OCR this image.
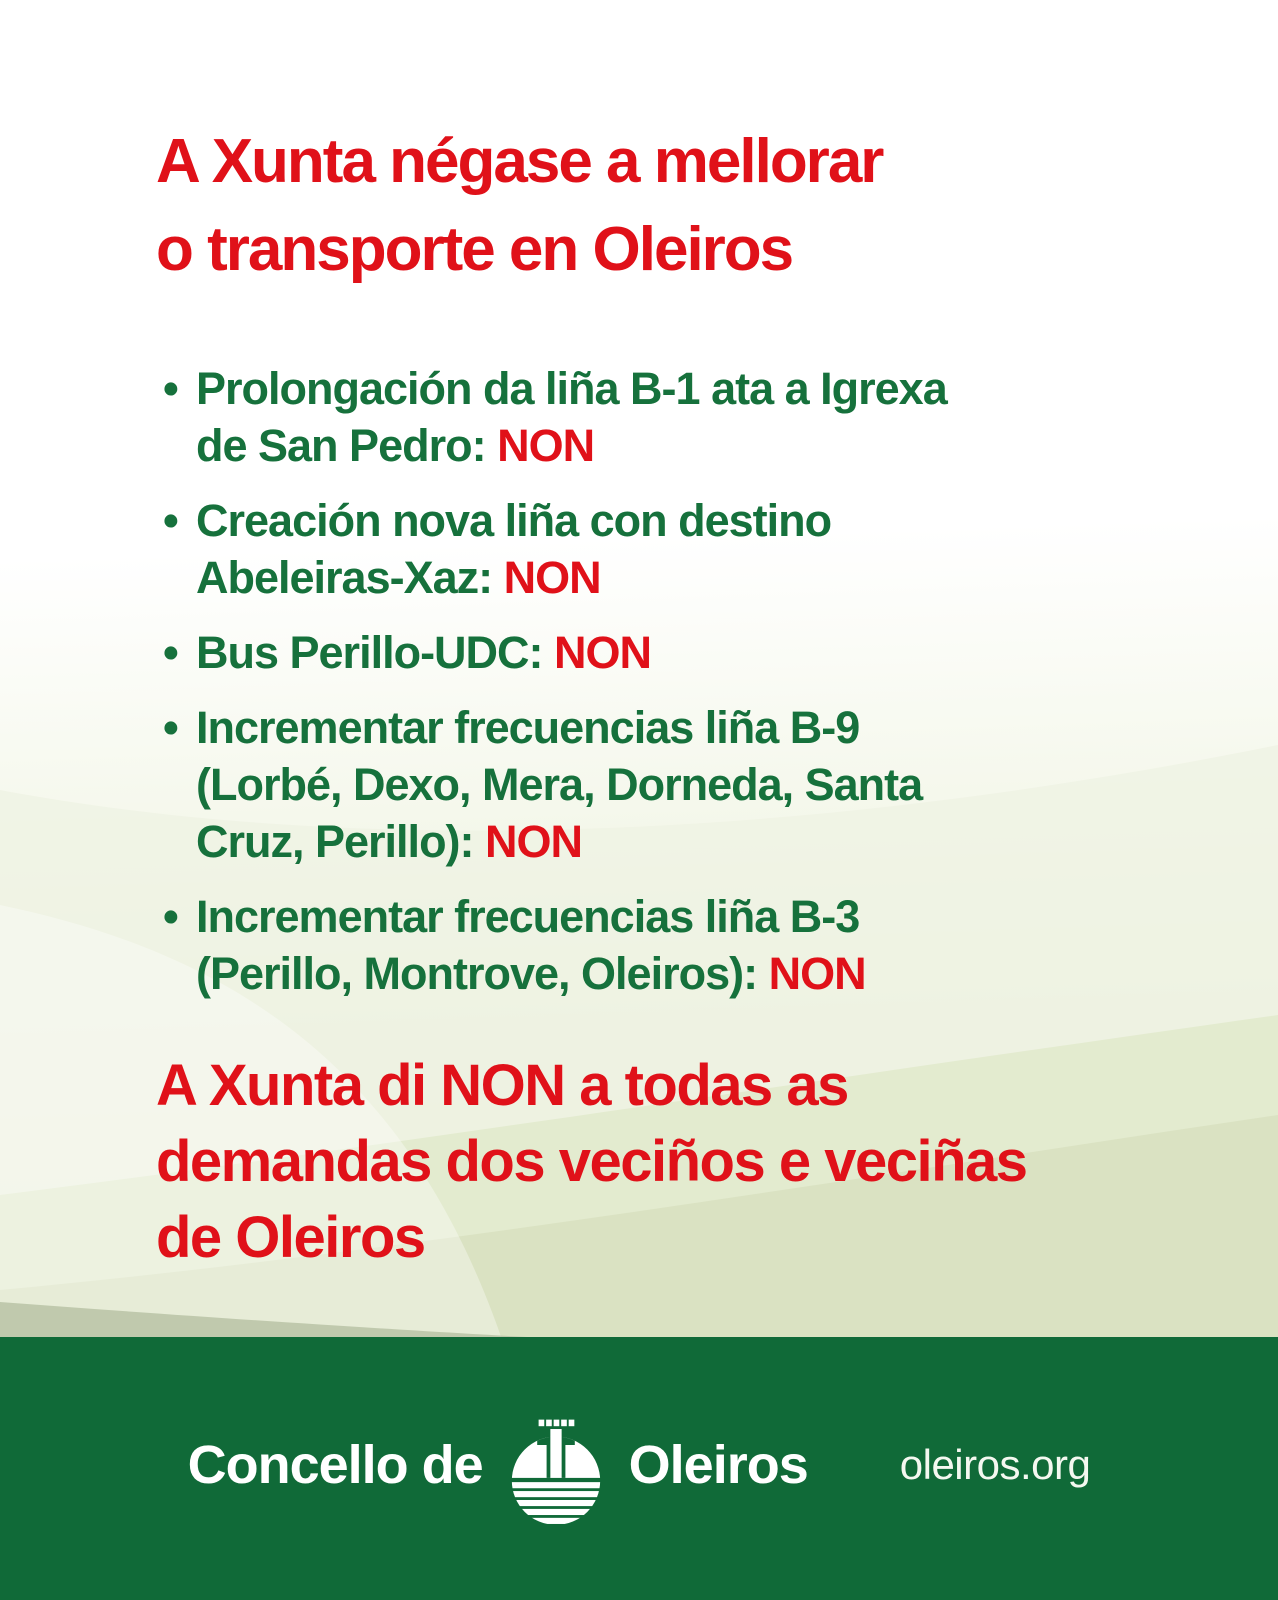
A Xunta négase a mellorar
o transporte en Oleiros
• Prolongación da liña B-1 ata a Igrexa
de San Pedro: NON
• Creación nova liña con destino
Abeleiras-Xaz: NON
• Bus Perillo-UDC: NON
• Incrementar frecuencias liña B-9
(Lorbé, Dexo, Mera, Dorneda, Santa
Cruz, Perillo): NON
• Incrementar frecuencias liña B-3
(Perillo, Montrove, Oleiros): NON

A Xunta di NON a todas as
demandas dos veciños e veciñas
de Oleiros

Concello de	Oleiros oleiros.org
